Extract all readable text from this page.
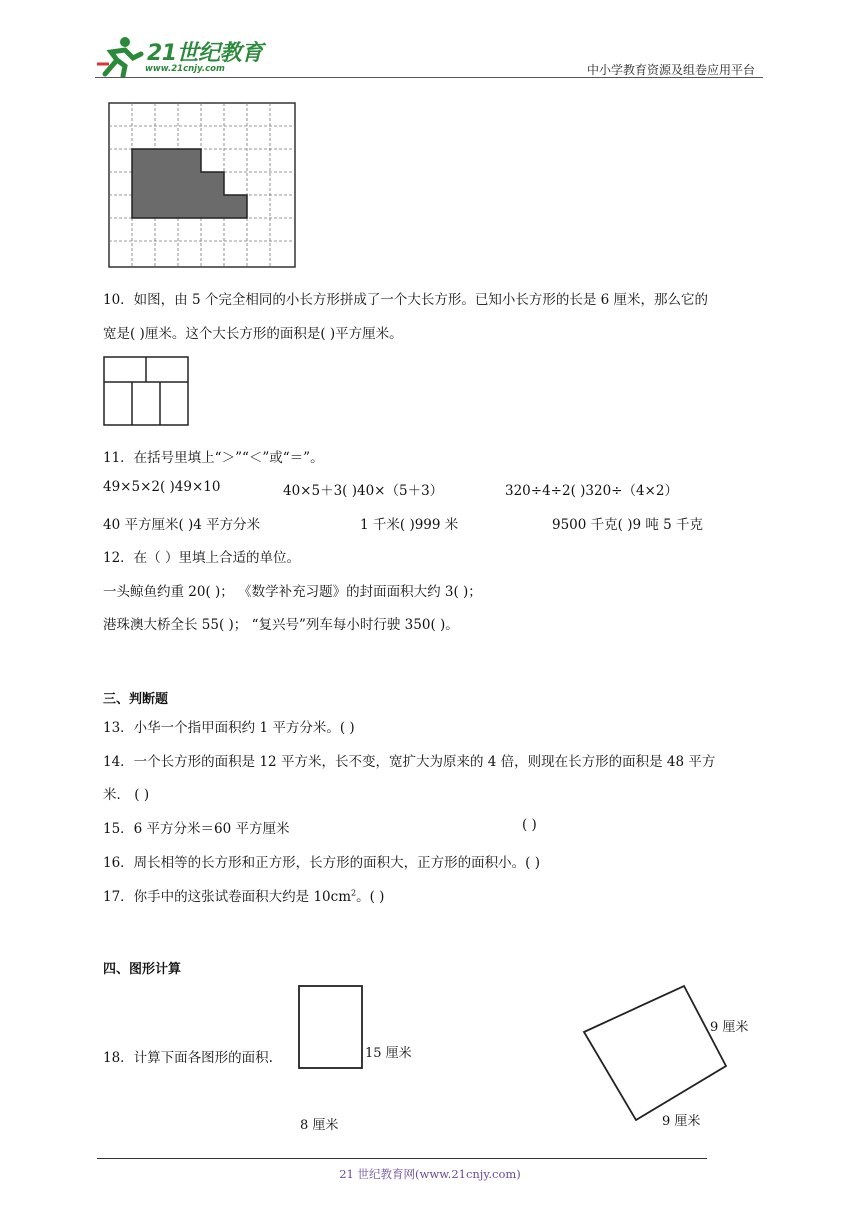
21世纪教育
www.21cnjy.com	中小学教育资源及组卷应用平台
10．如图，由 5 个完全相同的小长方形拼成了一个大长方形。已知小长方形的长是 6 厘米，那么它的
宽是( )厘米。这个大长方形的面积是( )平方厘米。
11．在括号里填上“＞”“＜”或“＝”。
49×5×2( )49×10	40×5＋3( )40×（5＋3）	320÷4÷2( )320÷（4×2）
40 平方厘米( )4 平方分米	1 千米( )999 米	9500 千克( )9 吨 5 千克
12．在（ ）里填上合适的单位。
一头鲸鱼约重 20( )； 《数学补充习题》的封面面积大约 3( )；
港珠澳大桥全长 55( )； “复兴号”列车每小时行驶 350( )。
三、判断题
13．小华一个指甲面积约 1 平方分米。( )
14．一个长方形的面积是 12 平方米，长不变，宽扩大为原来的 4 倍，则现在长方形的面积是 48 平方
米． ( )
15．6 平方分米＝60 平方厘米	( )
16．周长相等的长方形和正方形，长方形的面积大，正方形的面积小。( )
17．你手中的这张试卷面积大约是 $10cm^2$。( )
四、图形计算
18．计算下面各图形的面积.	15 厘米
8 厘米
9 厘米
9 厘米
21 世纪教育网(www.21cnjy.com)
